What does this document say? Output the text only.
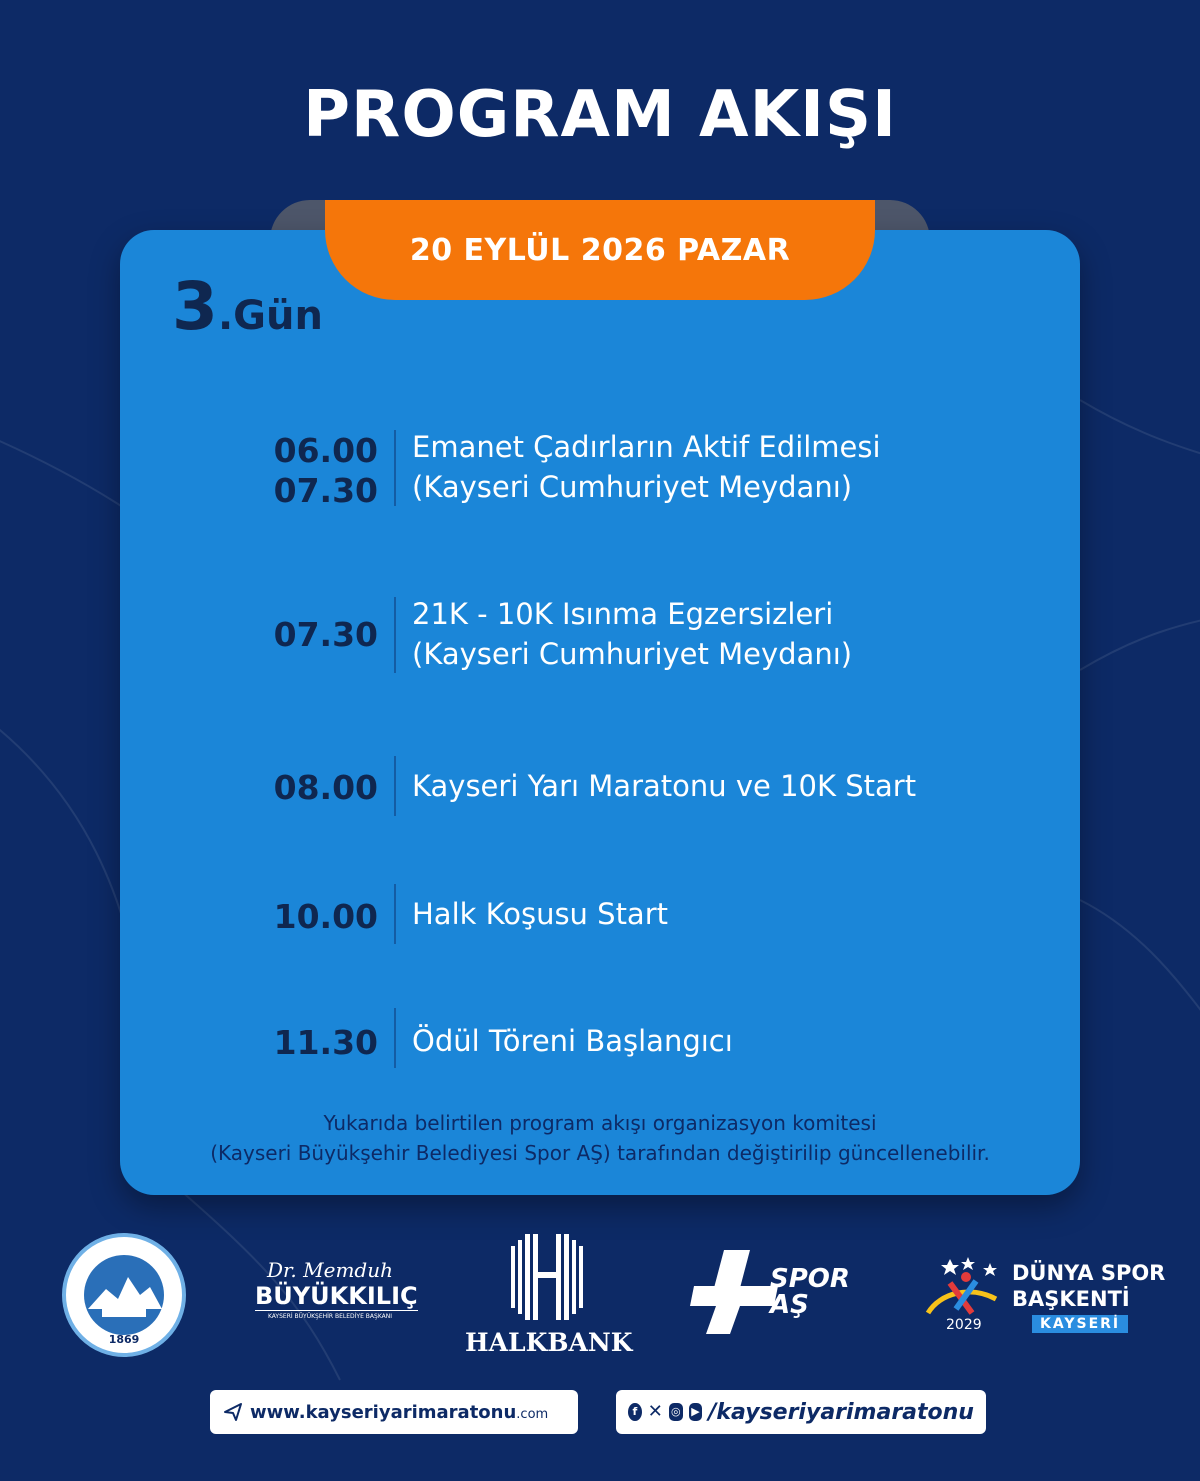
PROGRAM AKIŞI
20 EYLÜL 2026 PAZAR
3.Gün
06.00
07.30
Emanet Çadırların Aktif Edilmesi
(Kayseri Cumhuriyet Meydanı)
07.30
21K - 10K Isınma Egzersizleri
(Kayseri Cumhuriyet Meydanı)
08.00 Kayseri Yarı Maratonu ve 10K Start
10.00 Halk Koşusu Start
11.30 Ödül Töreni Başlangıcı
Yukarıda belirtilen program akışı organizasyon komitesi
(Kayseri Büyükşehir Belediyesi Spor AŞ) tarafından değiştirilip güncellenebilir.
1869
Dr. Memduh
BÜYÜKKILIÇ
KAYSERİ BÜYÜKŞEHİR BELEDİYE BAŞKANI
HALKBANK
SPOR
AŞ
2029
DÜNYA SPOR
BAŞKENTİ
KAYSERİ
www.kayseriyarimaratonu.com	f ✕ ◎ ▶ /kayseriyarimaratonu
